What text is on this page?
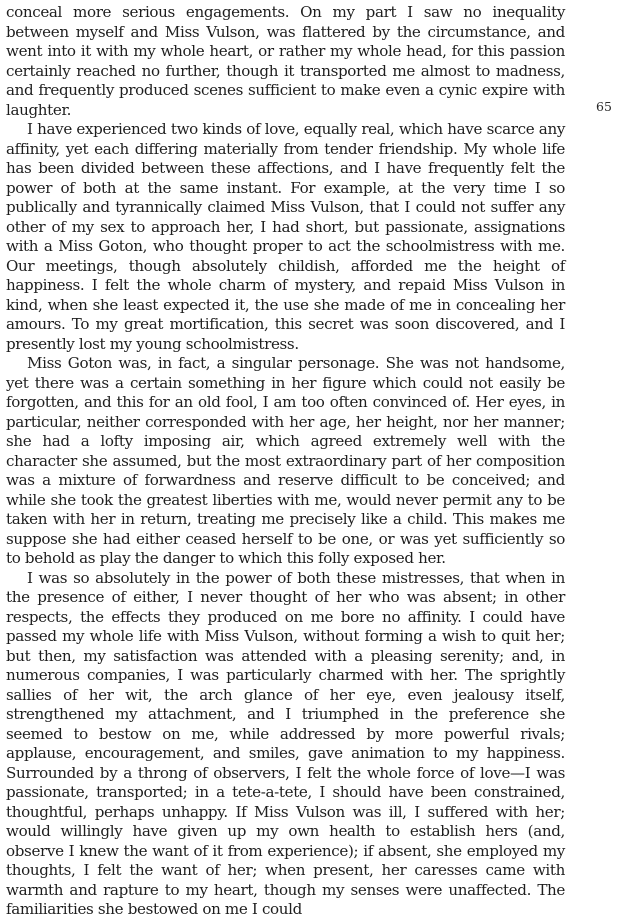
conceal more serious engagements. On my part I saw no inequality between myself and Miss Vulson, was flattered by the circumstance, and went into it with my whole heart, or rather my whole head, for this passion certainly reached no further, though it transported me almost to madness, and frequently produced scenes sufficient to make even a cynic expire with laughter.

I have experienced two kinds of love, equally real, which have scarce any affinity, yet each differing materially from tender friendship. My whole life has been divided between these affections, and I have frequently felt the power of both at the same instant. For example, at the very time I so publically and tyrannically claimed Miss Vulson, that I could not suffer any other of my sex to approach her, I had short, but passionate, assignations with a Miss Goton, who thought proper to act the schoolmistress with me. Our meetings, though absolutely childish, afforded me the height of happiness. I felt the whole charm of mystery, and repaid Miss Vulson in kind, when she least expected it, the use she made of me in concealing her amours. To my great mortification, this secret was soon discovered, and I presently lost my young schoolmistress.

Miss Goton was, in fact, a singular personage. She was not handsome, yet there was a certain something in her figure which could not easily be forgotten, and this for an old fool, I am too often convinced of. Her eyes, in particular, neither corresponded with her age, her height, nor her manner; she had a lofty imposing air, which agreed extremely well with the character she assumed, but the most extraordinary part of her composition was a mixture of forwardness and reserve difficult to be conceived; and while she took the greatest liberties with me, would never permit any to be taken with her in return, treating me precisely like a child. This makes me suppose she had either ceased herself to be one, or was yet sufficiently so to behold as play the danger to which this folly exposed her.

I was so absolutely in the power of both these mistresses, that when in the presence of either, I never thought of her who was absent; in other respects, the effects they produced on me bore no affinity. I could have passed my whole life with Miss Vulson, without forming a wish to quit her; but then, my satisfaction was attended with a pleasing serenity; and, in numerous companies, I was particularly charmed with her. The sprightly sallies of her wit, the arch glance of her eye, even jealousy itself, strengthened my attachment, and I triumphed in the preference she seemed to bestow on me, while addressed by more powerful rivals; applause, encouragement, and smiles, gave animation to my happiness. Surrounded by a throng of observers, I felt the whole force of love—I was passionate, transported; in a tete-a-tete, I should have been constrained, thoughtful, perhaps unhappy. If Miss Vulson was ill, I suffered with her; would willingly have given up my own health to establish hers (and, observe I knew the want of it from experience); if absent, she employed my thoughts, I felt the want of her; when present, her caresses came with warmth and rapture to my heart, though my senses were unaffected. The familiarities she bestowed on me I could

65
